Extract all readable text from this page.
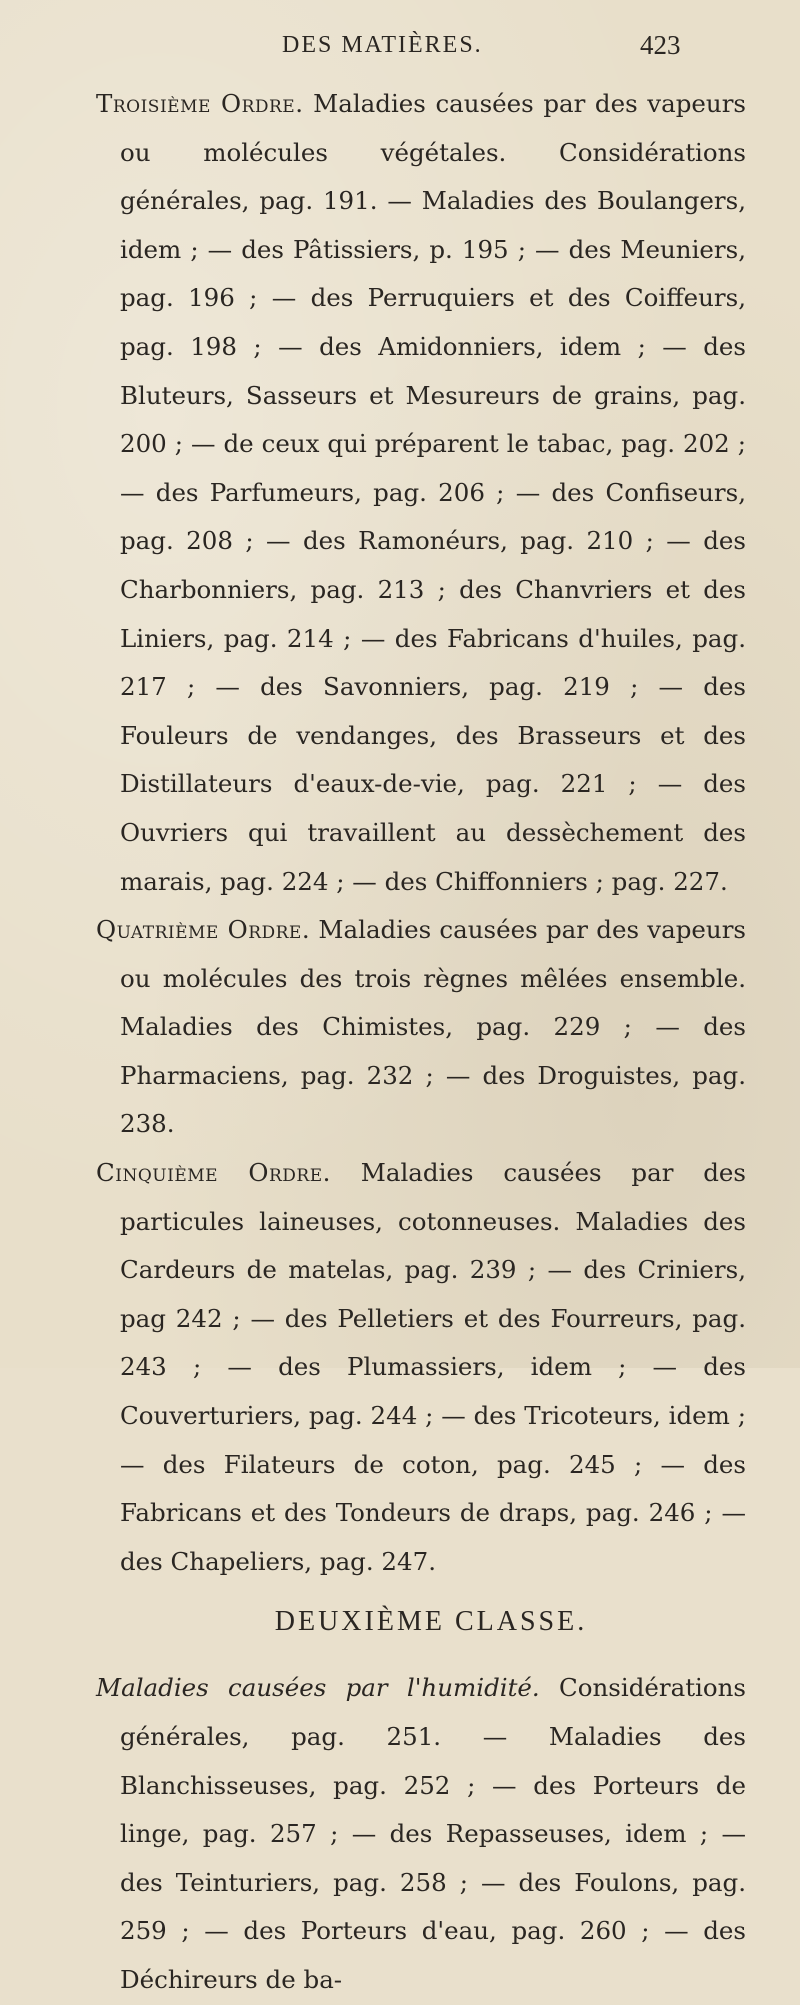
DES MATIÈRES.	423

Troisième Ordre. Maladies causées par des vapeurs ou molécules végétales. Considérations générales, pag. 191. — Maladies des Boulangers, idem ; — des Pâtissiers, p. 195 ; — des Meuniers, pag. 196 ; — des Perruquiers et des Coiffeurs, pag. 198 ; — des Amidonniers, idem ; — des Bluteurs, Sasseurs et Mesureurs de grains, pag. 200 ; — de ceux qui préparent le tabac, pag. 202 ; — des Parfumeurs, pag. 206 ; — des Confiseurs, pag. 208 ; — des Ramonéurs, pag. 210 ; — des Charbonniers, pag. 213 ; des Chanvriers et des Liniers, pag. 214 ; — des Fabricans d'huiles, pag. 217 ; — des Savonniers, pag. 219 ; — des Fouleurs de vendanges, des Brasseurs et des Distillateurs d'eaux-de-vie, pag. 221 ; — des Ouvriers qui travaillent au dessèchement des marais, pag. 224 ; — des Chiffonniers ; pag. 227.

Quatrième Ordre. Maladies causées par des vapeurs ou molécules des trois règnes mêlées ensemble. Maladies des Chimistes, pag. 229 ; — des Pharmaciens, pag. 232 ; — des Droguistes, pag. 238.

Cinquième Ordre. Maladies causées par des particules laineuses, cotonneuses. Maladies des Cardeurs de matelas, pag. 239 ; — des Criniers, pag 242 ; — des Pelletiers et des Fourreurs, pag. 243 ; — des Plumassiers, idem ; — des Couverturiers, pag. 244 ; — des Tricoteurs, idem ; — des Filateurs de coton, pag. 245 ; — des Fabricans et des Tondeurs de draps, pag. 246 ; — des Chapeliers, pag. 247.

DEUXIÈME CLASSE.

Maladies causées par l'humidité. Considérations générales, pag. 251. — Maladies des Blanchisseuses, pag. 252 ; — des Porteurs de linge, pag. 257 ; — des Repasseuses, idem ; — des Teinturiers, pag. 258 ; — des Foulons, pag. 259 ; — des Porteurs d'eau, pag. 260 ; — des Déchireurs de ba-
